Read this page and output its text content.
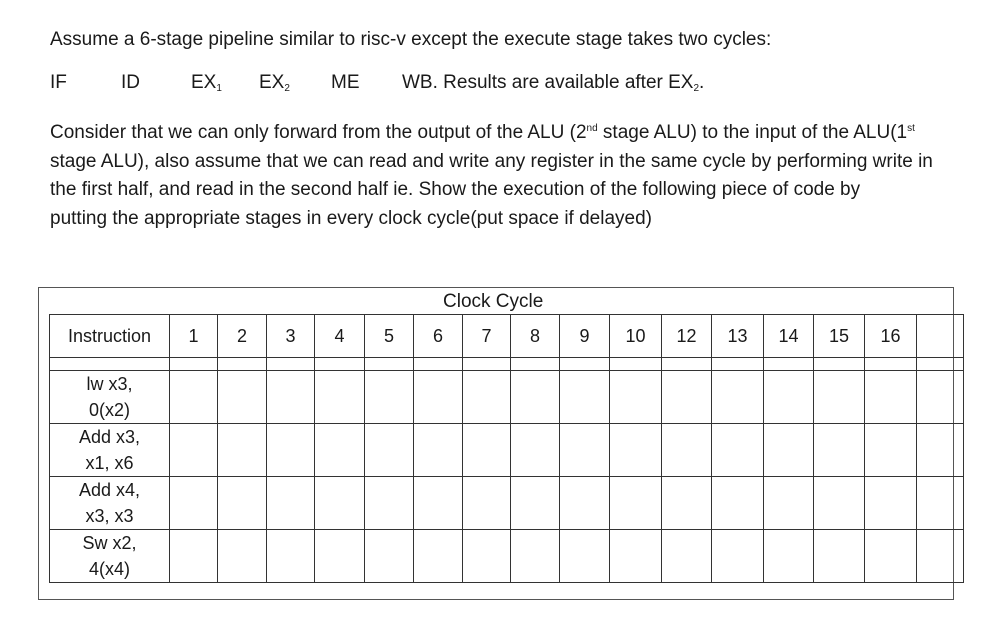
Assume a 6-stage pipeline similar to risc-v except the execute stage takes two cycles:
IF	ID	$EX_1$ $EX_2$ ME WB. Results are available after $EX_2$.
Consider that we can only forward from the output of the ALU (2nd stage ALU) to the input of the ALU(1st
stage ALU), also assume that we can read and write any register in the same cycle by performing write in
the first half, and read in the second half ie. Show the execution of the following piece of code by
putting the appropriate stages in every clock cycle(put space if delayed)
Clock Cycle
Instruction	1	2	3	4	5	6	7	8	9	10	12	13	14	15	16	

lw x3,
0(x2)																

Add x3,
x1, x6																

Add x4,
x3, x3																

Sw x2,
4(x4)																
